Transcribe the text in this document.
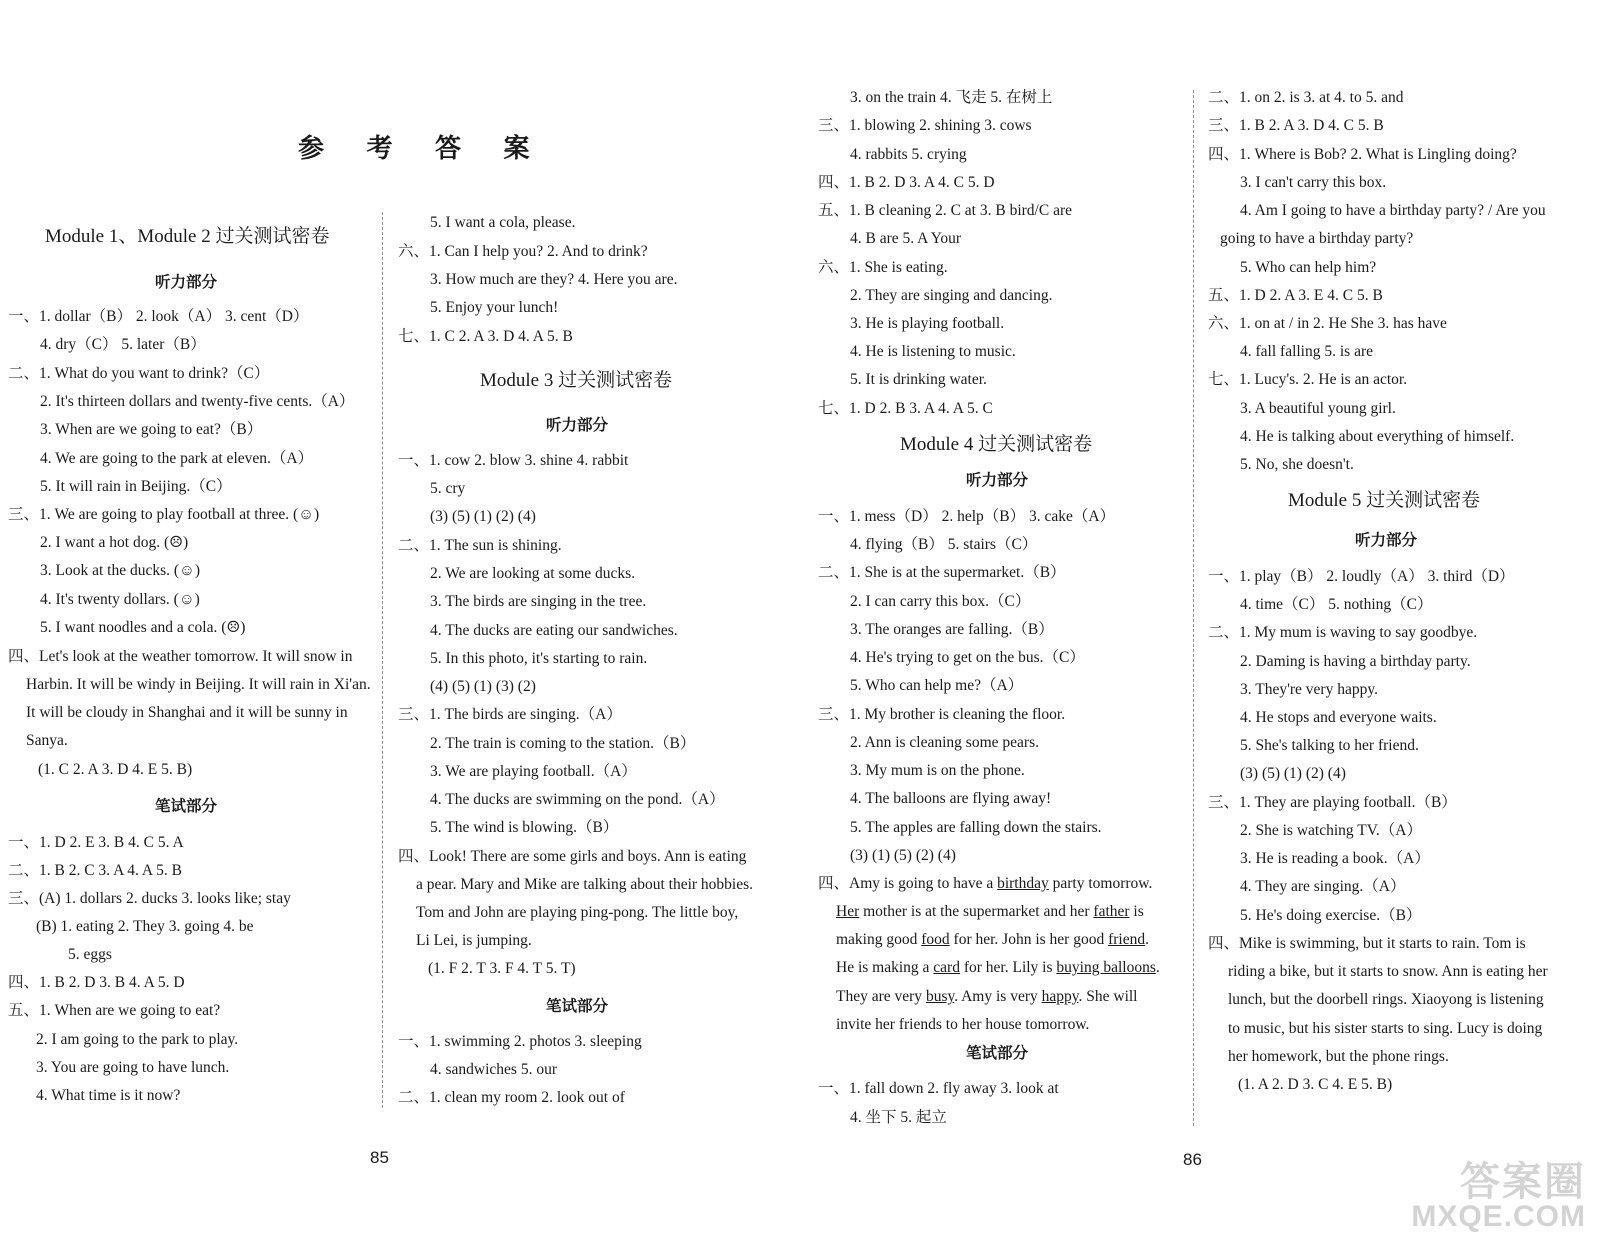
参 考 答 案
Module 1、Module 2 过关测试密卷
听力部分
一、1. dollar（B） 2. look（A） 3. cent（D）
4. dry（C） 5. later（B）
二、1. What do you want to drink?（C）
2. It's thirteen dollars and twenty-five cents.（A）
3. When are we going to eat?（B）
4. We are going to the park at eleven.（A）
5. It will rain in Beijing.（C）
三、1. We are going to play football at three. (☺)
2. I want a hot dog. (☹)
3. Look at the ducks. (☺)
4. It's twenty dollars. (☺)
5. I want noodles and a cola. (☹)
四、Let's look at the weather tomorrow. It will snow in
Harbin. It will be windy in Beijing. It will rain in Xi'an.
It will be cloudy in Shanghai and it will be sunny in
Sanya.
(1. C 2. A 3. D 4. E 5. B)
笔试部分
一、1. D 2. E 3. B 4. C 5. A
二、1. B 2. C 3. A 4. A 5. B
三、(A) 1. dollars 2. ducks 3. looks like; stay
(B) 1. eating 2. They 3. going 4. be
5. eggs
四、1. B 2. D 3. B 4. A 5. D
五、1. When are we going to eat?
2. I am going to the park to play.
3. You are going to have lunch.
4. What time is it now?
5. I want a cola, please.
六、1. Can I help you? 2. And to drink?
3. How much are they? 4. Here you are.
5. Enjoy your lunch!
七、1. C 2. A 3. D 4. A 5. B
Module 3 过关测试密卷
听力部分
一、1. cow 2. blow 3. shine 4. rabbit
5. cry
(3) (5) (1) (2) (4)
二、1. The sun is shining.
2. We are looking at some ducks.
3. The birds are singing in the tree.
4. The ducks are eating our sandwiches.
5. In this photo, it's starting to rain.
(4) (5) (1) (3) (2)
三、1. The birds are singing.（A）
2. The train is coming to the station.（B）
3. We are playing football.（A）
4. The ducks are swimming on the pond.（A）
5. The wind is blowing.（B）
四、Look! There are some girls and boys. Ann is eating
a pear. Mary and Mike are talking about their hobbies.
Tom and John are playing ping-pong. The little boy,
Li Lei, is jumping.
(1. F 2. T 3. F 4. T 5. T)
笔试部分
一、1. swimming 2. photos 3. sleeping
4. sandwiches 5. our
二、1. clean my room 2. look out of
3. on the train 4. 飞走 5. 在树上
三、1. blowing 2. shining 3. cows
4. rabbits 5. crying
四、1. B 2. D 3. A 4. C 5. D
五、1. B cleaning 2. C at 3. B bird/C are
4. B are 5. A Your
六、1. She is eating.
2. They are singing and dancing.
3. He is playing football.
4. He is listening to music.
5. It is drinking water.
七、1. D 2. B 3. A 4. A 5. C
Module 4 过关测试密卷
听力部分
一、1. mess（D） 2. help（B） 3. cake（A）
4. flying（B） 5. stairs（C）
二、1. She is at the supermarket.（B）
2. I can carry this box.（C）
3. The oranges are falling.（B）
4. He's trying to get on the bus.（C）
5. Who can help me?（A）
三、1. My brother is cleaning the floor.
2. Ann is cleaning some pears.
3. My mum is on the phone.
4. The balloons are flying away!
5. The apples are falling down the stairs.
(3) (1) (5) (2) (4)
四、Amy is going to have a birthday party tomorrow.
Her mother is at the supermarket and her father is
making good food for her. John is her good friend.
He is making a card for her. Lily is buying balloons.
They are very busy. Amy is very happy. She will
invite her friends to her house tomorrow.
笔试部分
一、1. fall down 2. fly away 3. look at
4. 坐下 5. 起立
二、1. on 2. is 3. at 4. to 5. and
三、1. B 2. A 3. D 4. C 5. B
四、1. Where is Bob? 2. What is Lingling doing?
3. I can't carry this box.
4. Am I going to have a birthday party? / Are you
going to have a birthday party?
5. Who can help him?
五、1. D 2. A 3. E 4. C 5. B
六、1. on at / in 2. He She 3. has have
4. fall falling 5. is are
七、1. Lucy's. 2. He is an actor.
3. A beautiful young girl.
4. He is talking about everything of himself.
5. No, she doesn't.
Module 5 过关测试密卷
听力部分
一、1. play（B） 2. loudly（A） 3. third（D）
4. time（C） 5. nothing（C）
二、1. My mum is waving to say goodbye.
2. Daming is having a birthday party.
3. They're very happy.
4. He stops and everyone waits.
5. She's talking to her friend.
(3) (5) (1) (2) (4)
三、1. They are playing football.（B）
2. She is watching TV.（A）
3. He is reading a book.（A）
4. They are singing.（A）
5. He's doing exercise.（B）
四、Mike is swimming, but it starts to rain. Tom is
riding a bike, but it starts to snow. Ann is eating her
lunch, but the doorbell rings. Xiaoyong is listening
to music, but his sister starts to sing. Lucy is doing
her homework, but the phone rings.
(1. A 2. D 3. C 4. E 5. B)
85	86
答案圈
MXQE.COM
